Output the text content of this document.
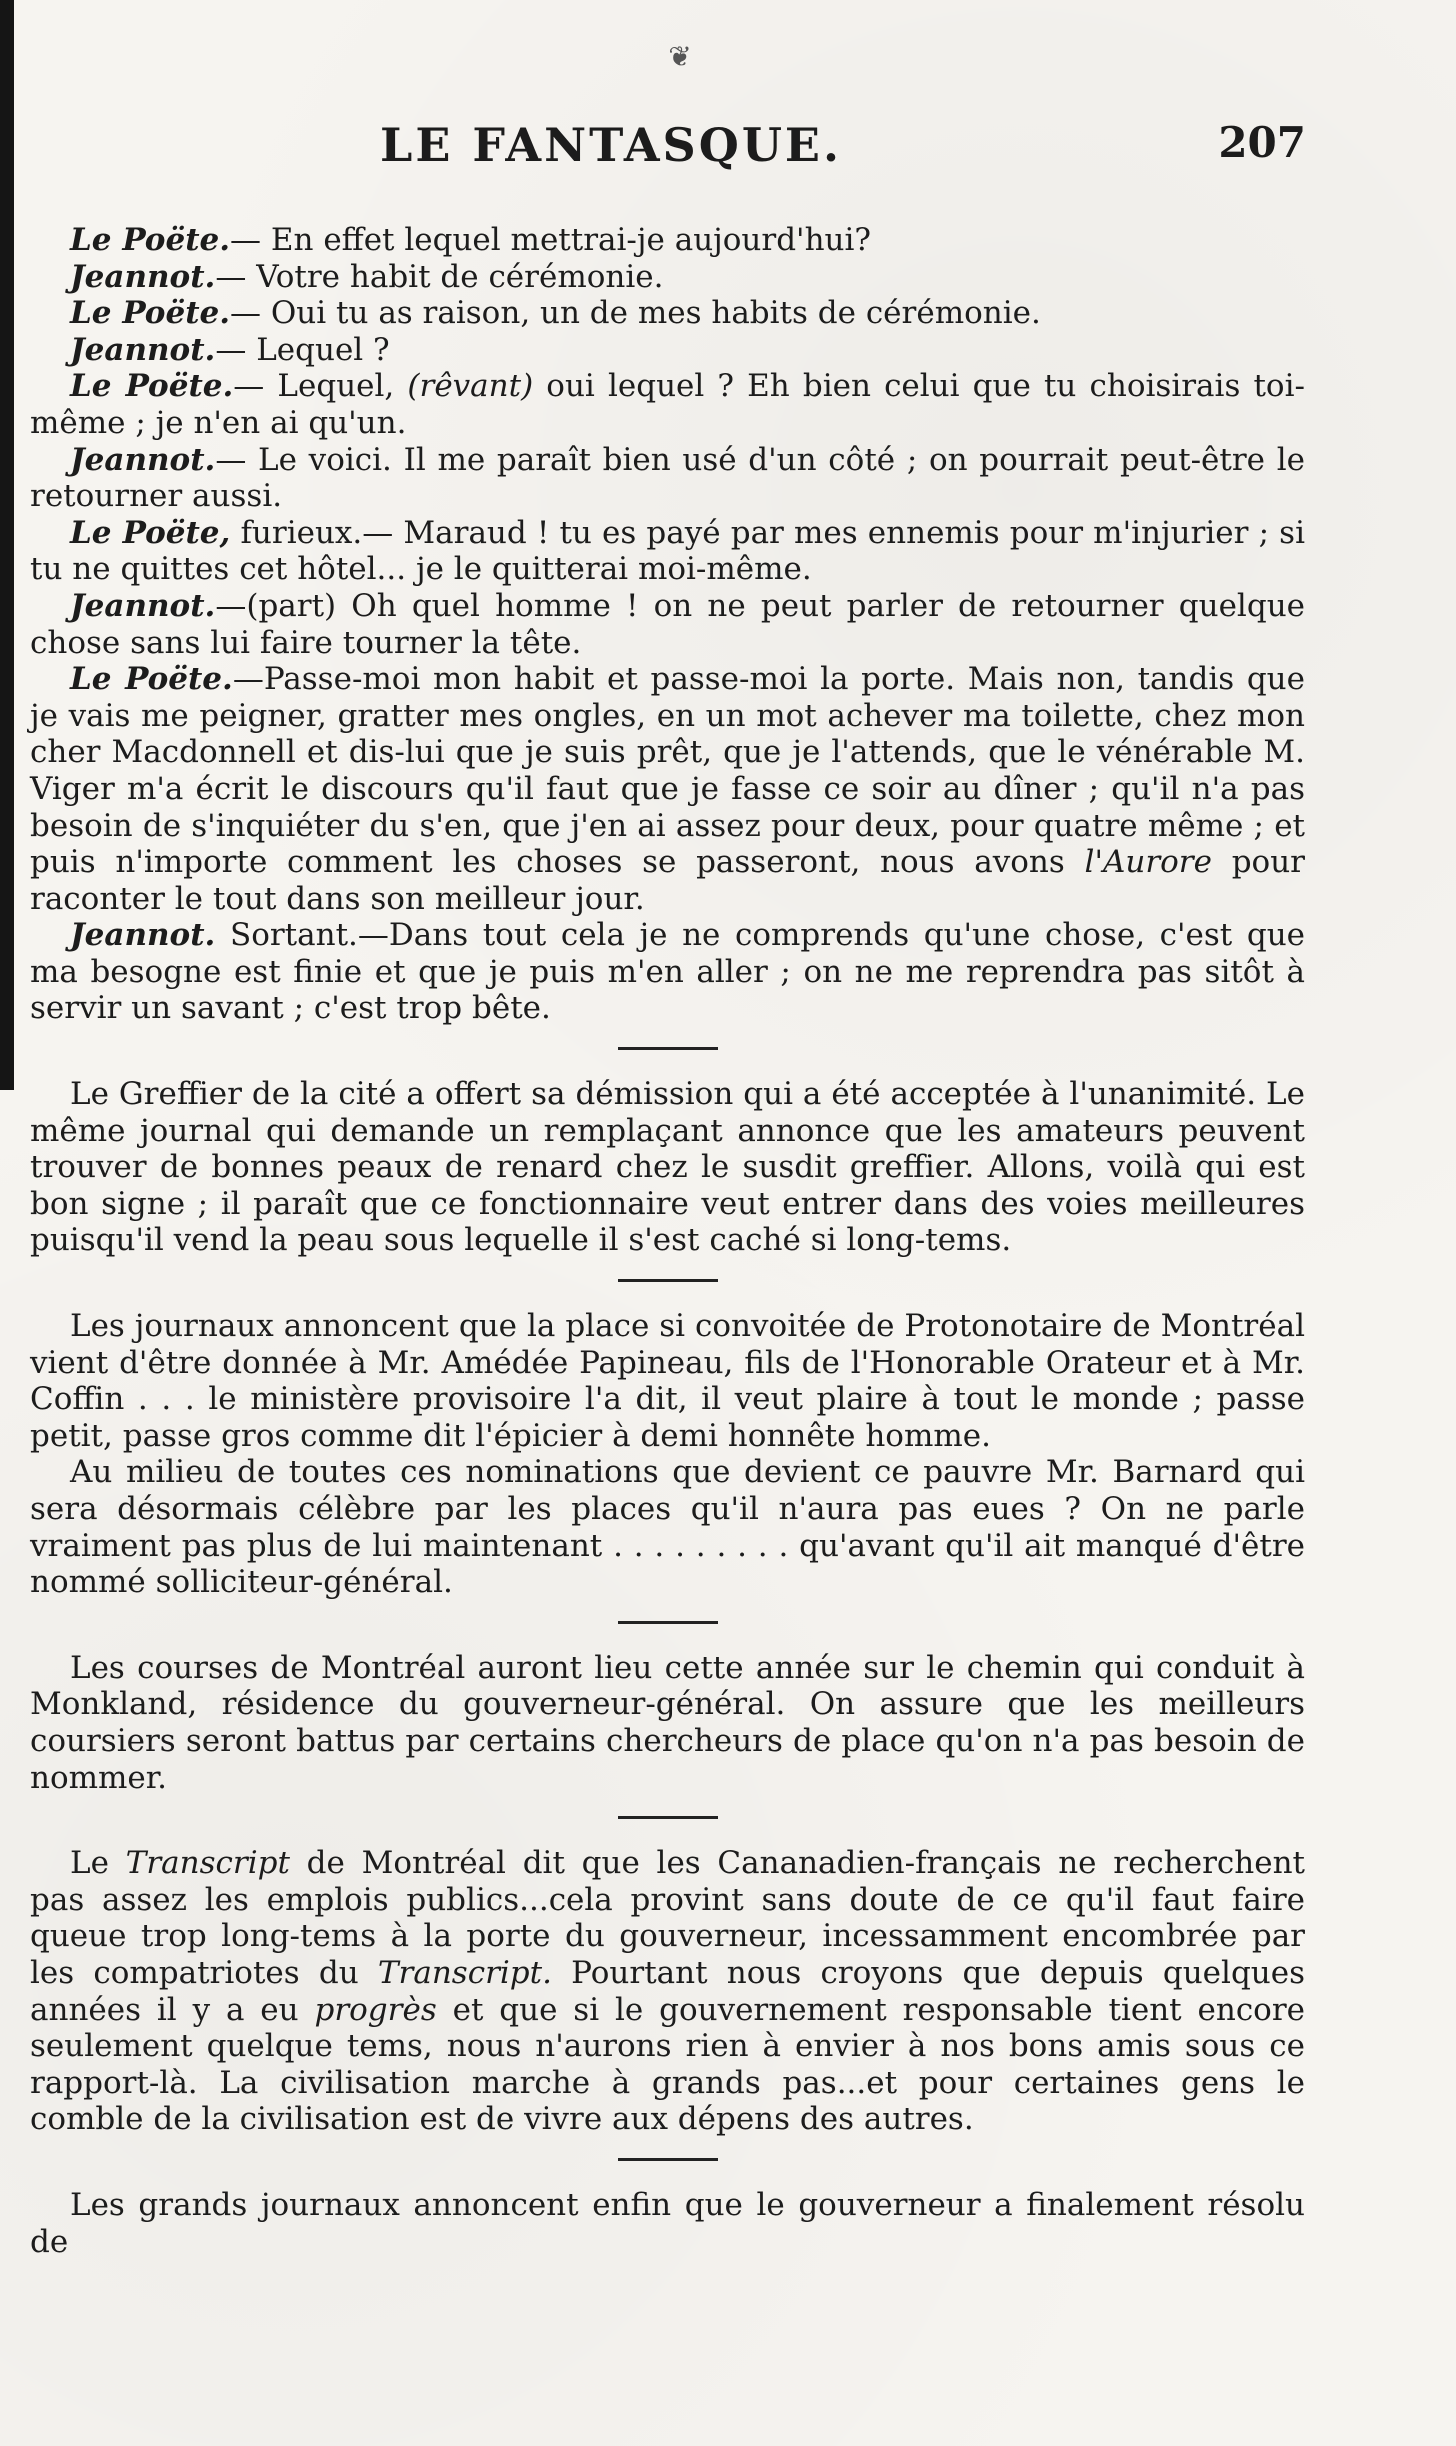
❦
LE FANTASQUE.	207

Le Poëte.— En effet lequel mettrai-je aujourd'hui?

Jeannot.— Votre habit de cérémonie.

Le Poëte.— Oui tu as raison, un de mes habits de cérémonie.

Jeannot.— Lequel ?

Le Poëte.— Lequel, (rêvant) oui lequel ? Eh bien celui que tu choisirais toi-même ; je n'en ai qu'un.

Jeannot.— Le voici. Il me paraît bien usé d'un côté ; on pourrait peut-être le retourner aussi.

Le Poëte, furieux.— Maraud ! tu es payé par mes ennemis pour m'injurier ; si tu ne quittes cet hôtel... je le quitterai moi-même.

Jeannot.—(part) Oh quel homme ! on ne peut parler de retourner quelque chose sans lui faire tourner la tête.

Le Poëte.—Passe-moi mon habit et passe-moi la porte. Mais non, tandis que je vais me peigner, gratter mes ongles, en un mot achever ma toilette, chez mon cher Macdonnell et dis-lui que je suis prêt, que je l'attends, que le vénérable M. Viger m'a écrit le discours qu'il faut que je fasse ce soir au dîner ; qu'il n'a pas besoin de s'inquiéter du s'en, que j'en ai assez pour deux, pour quatre même ; et puis n'importe comment les choses se passeront, nous avons l'Aurore pour raconter le tout dans son meilleur jour.

Jeannot. Sortant.—Dans tout cela je ne comprends qu'une chose, c'est que ma besogne est finie et que je puis m'en aller ; on ne me reprendra pas sitôt à servir un savant ; c'est trop bête.

Le Greffier de la cité a offert sa démission qui a été acceptée à l'unanimité. Le même journal qui demande un remplaçant annonce que les amateurs peuvent trouver de bonnes peaux de renard chez le susdit greffier. Allons, voilà qui est bon signe ; il paraît que ce fonctionnaire veut entrer dans des voies meilleures puisqu'il vend la peau sous lequelle il s'est caché si long-tems.

Les journaux annoncent que la place si convoitée de Protonotaire de Montréal vient d'être donnée à Mr. Amédée Papineau, fils de l'Honorable Orateur et à Mr. Coffin . . . le ministère provisoire l'a dit, il veut plaire à tout le monde ; passe petit, passe gros comme dit l'épicier à demi honnête homme.

Au milieu de toutes ces nominations que devient ce pauvre Mr. Barnard qui sera désormais célèbre par les places qu'il n'aura pas eues ? On ne parle vraiment pas plus de lui maintenant . . . . . . . . . qu'avant qu'il ait manqué d'être nommé solliciteur-général.

Les courses de Montréal auront lieu cette année sur le chemin qui conduit à Monkland, résidence du gouverneur-général. On assure que les meilleurs coursiers seront battus par certains chercheurs de place qu'on n'a pas besoin de nommer.

Le Transcript de Montréal dit que les Cananadien-français ne recherchent pas assez les emplois publics...cela provint sans doute de ce qu'il faut faire queue trop long-tems à la porte du gouverneur, incessamment encombrée par les compatriotes du Transcript. Pourtant nous croyons que depuis quelques années il y a eu progrès et que si le gouvernement responsable tient encore seulement quelque tems, nous n'aurons rien à envier à nos bons amis sous ce rapport-là. La civilisation marche à grands pas...et pour certaines gens le comble de la civilisation est de vivre aux dépens des autres.

Les grands journaux annoncent enfin que le gouverneur a finalement résolu de
